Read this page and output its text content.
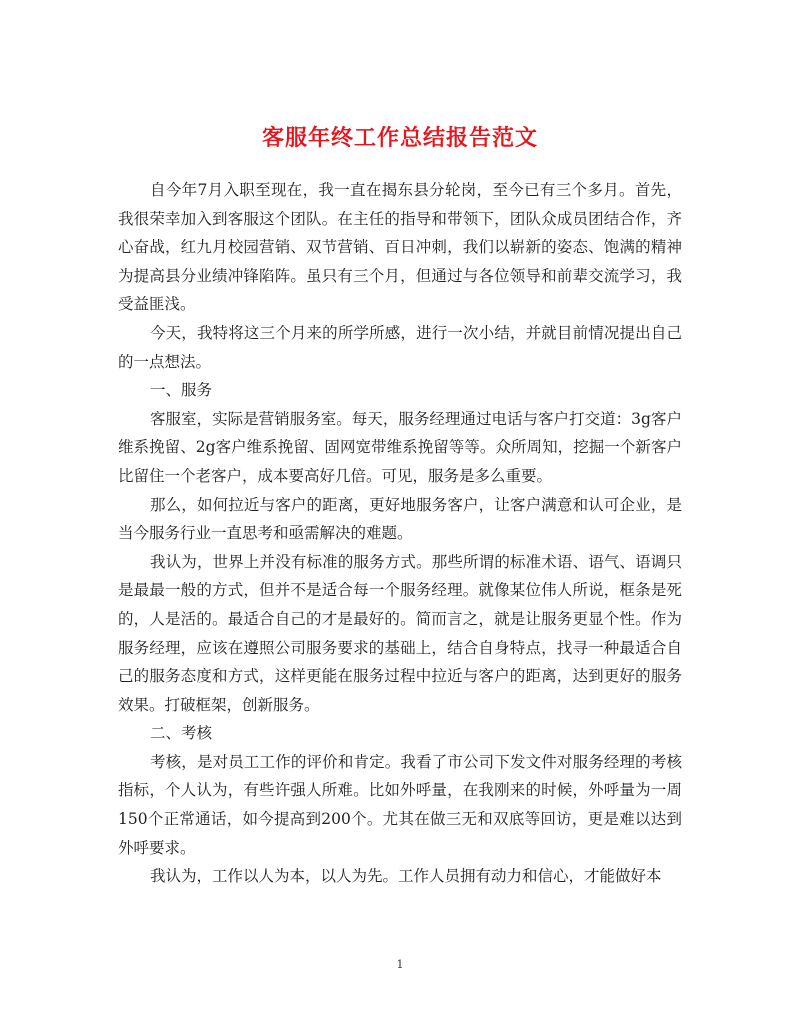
客服年终工作总结报告范文

自今年7月入职至现在，我一直在揭东县分轮岗，至今已有三个多月。首先，我很荣幸加入到客服这个团队。在主任的指导和带领下，团队众成员团结合作，齐心奋战，红九月校园营销、双节营销、百日冲刺，我们以崭新的姿态、饱满的精神为提高县分业绩冲锋陷阵。虽只有三个月，但通过与各位领导和前辈交流学习，我受益匪浅。

今天，我特将这三个月来的所学所感，进行一次小结，并就目前情况提出自己的一点想法。

一、服务

客服室，实际是营销服务室。每天，服务经理通过电话与客户打交道：3g客户维系挽留、2g客户维系挽留、固网宽带维系挽留等等。众所周知，挖掘一个新客户比留住一个老客户，成本要高好几倍。可见，服务是多么重要。

那么，如何拉近与客户的距离，更好地服务客户，让客户满意和认可企业，是当今服务行业一直思考和亟需解决的难题。

我认为，世界上并没有标准的服务方式。那些所谓的标准术语、语气、语调只是最最一般的方式，但并不是适合每一个服务经理。就像某位伟人所说，框条是死的，人是活的。最适合自己的才是最好的。简而言之，就是让服务更显个性。作为服务经理，应该在遵照公司服务要求的基础上，结合自身特点，找寻一种最适合自己的服务态度和方式，这样更能在服务过程中拉近与客户的距离，达到更好的服务效果。打破框架，创新服务。

二、考核

考核，是对员工工作的评价和肯定。我看了市公司下发文件对服务经理的考核指标，个人认为，有些许强人所难。比如外呼量，在我刚来的时候，外呼量为一周150个正常通话，如今提高到200个。尤其在做三无和双底等回访，更是难以达到外呼要求。

我认为，工作以人为本，以人为先。工作人员拥有动力和信心，才能做好本

1
